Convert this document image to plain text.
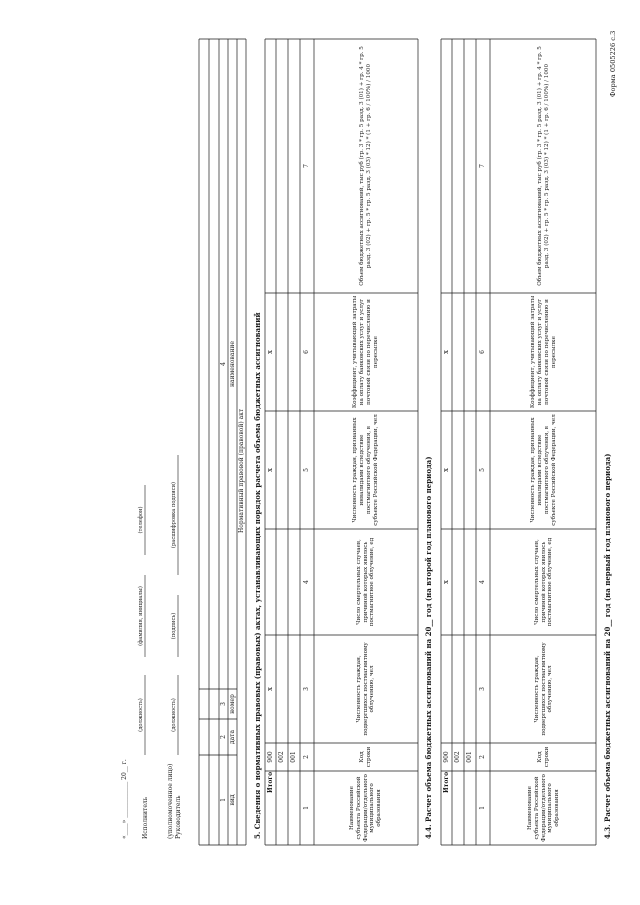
Форма 0505226 с.3
4.3. Расчет объема бюджетных ассигнований на 20__ год (на первый год планового периода)
Наименование субъекта Российской Федерации/отдельного муниципального образования
Код строки
Численность граждан, подвергшихся постмагнитному облучению, чел
Число смертельных случаев, причиной которых явилось постмагнитное облучение, ед
Численность граждан, признанных инвалидами вследствие постмагнитного облучения, в субъекте Российской Федерации, чел
Коэффициент, учитывающий затраты на оплату банковских услуг и услуг почтовой связи по перечислению и пересылке
Объем бюджетных ассигнований, тыс руб (гр. 3 * гр. 5 разд. 3 (01) + гр. 4 * гр. 5 разд. 3 (02) + гр. 5 * гр. 5 разд. 3 (03) * 12) * (1 + гр. 6 / 100%) / 1000
1
2
3
4
5
6
7
001
002
Итого
900
x
x
x
4.4. Расчет объема бюджетных ассигнований на 20__ год (на второй год планового периода)
Наименование субъекта Российской Федерации/отдельного муниципального образования
Код строки
Численность граждан, подвергшихся постмагнитному облучению, чел
Число смертельных случаев, причиной которых явилось постмагнитное облучение, ед
Численность граждан, признанных инвалидами вследствие постмагнитного облучения, в субъекте Российской Федерации, чел
Коэффициент, учитывающий затраты на оплату банковских услуг и услуг почтовой связи по перечислению и пересылке
Объем бюджетных ассигнований, тыс руб (гр. 3 * гр. 5 разд. 3 (01) + гр. 4 * гр. 5 разд. 3 (02) + гр. 5 * гр. 5 разд. 3 (03) * 12) * (1 + гр. 6 / 100%) / 1000
1
2
3
4
5
6
7
001
002
Итого
900
x
x
x
5. Сведения о нормативных правовых (правовых) актах, устанавливающих порядок расчета объема бюджетных ассигнований
Нормативный правовой (правовой) акт
вид
дата
номер
наименование
1
2
3
4
Руководитель
(уполномоченное лицо)
(должность)
(подпись)
(расшифровка подписи)
Исполнитель
(должность)
(фамилия, инициалы)
(телефон)
«____» ____________ 20__ г.
